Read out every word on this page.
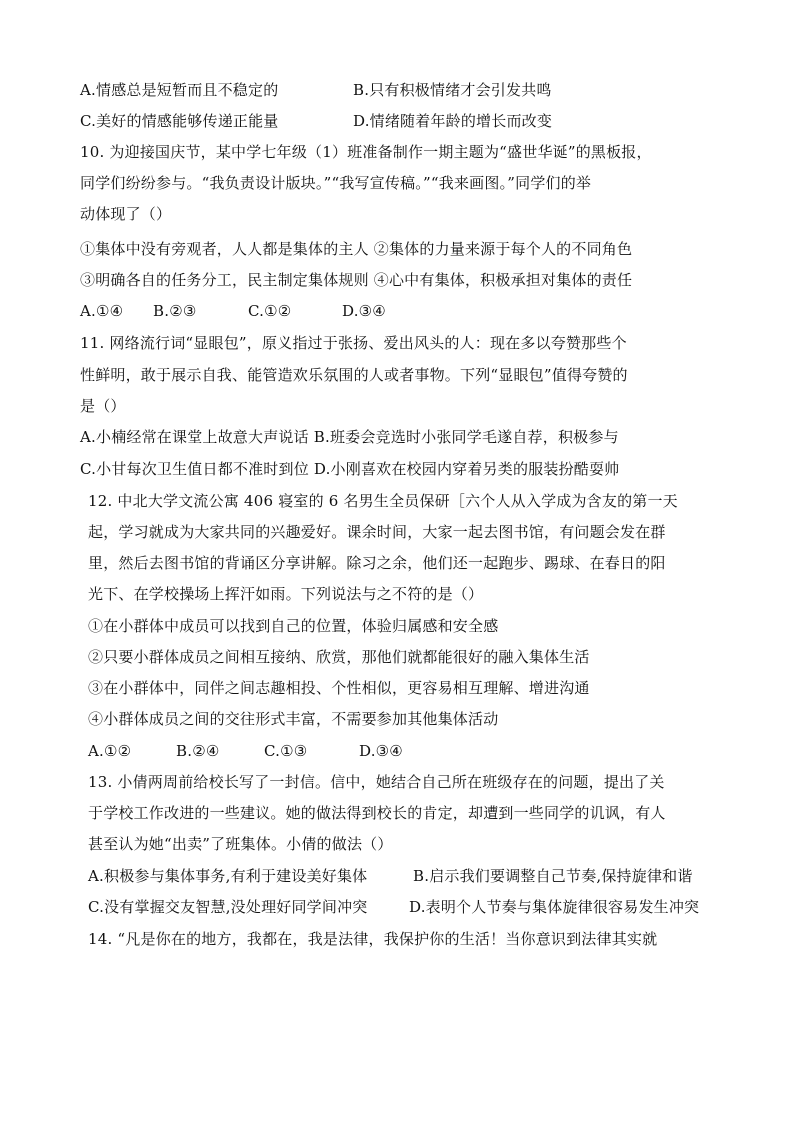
A.情感总是短暂而且不稳定的	B.只有积极情绪才会引发共鸣
C.美好的情感能够传递正能量	D.情绪随着年龄的增长而改变
10. 为迎接国庆节，某中学七年级（1）班准备制作一期主题为“盛世华诞”的黑板报，
同学们纷纷参与。“我负责设计版块。”“我写宣传稿。”“我来画图。”同学们的举
动体现了（）
①集体中没有旁观者，人人都是集体的主人 ②集体的力量来源于每个人的不同角色
③明确各自的任务分工，民主制定集体规则 ④心中有集体，积极承担对集体的责任
A.①④ B.②③	C.①②	D.③④
11. 网络流行词“显眼包”，原义指过于张扬、爱出风头的人：现在多以夸赞那些个
性鲜明，敢于展示自我、能管造欢乐氛围的人或者事物。下列“显眼包”值得夸赞的
是（）
A.小楠经常在课堂上故意大声说话 B.班委会竞选时小张同学毛遂自荐，积极参与
C.小甘每次卫生值日都不准时到位 D.小刚喜欢在校园内穿着另类的服装扮酷耍帅
12. 中北大学文流公寓 406 寝室的 6 名男生全员保研［六个人从入学成为含友的第一天
起，学习就成为大家共同的兴趣爱好。课余时间，大家一起去图书馆，有问题会发在群
里，然后去图书馆的背诵区分享讲解。除习之余，他们还一起跑步、踢球、在春日的阳
光下、在学校操场上挥汗如雨。下列说法与之不符的是（）
①在小群体中成员可以找到自己的位置，体验归属感和安全感
②只要小群体成员之间相互接纳、欣赏，那他们就都能很好的融入集体生活
③在小群体中，同伴之间志趣相投、个性相似，更容易相互理解、增进沟通
④小群体成员之间的交往形式丰富，不需要参加其他集体活动
A.①②	B.②④	C.①③	D.③④
13. 小倩两周前给校长写了一封信。信中，她结合自己所在班级存在的问题，提出了关
于学校工作改进的一些建议。她的做法得到校长的肯定，却遭到一些同学的讥讽，有人
甚至认为她“出卖”了班集体。小倩的做法（）
A.积极参与集体事务,有利于建设美好集体	B.启示我们要调整自己节奏,保持旋律和谐
C.没有掌握交友智慧,没处理好同学间冲突	D.表明个人节奏与集体旋律很容易发生冲突
14. “凡是你在的地方，我都在，我是法律，我保护你的生活！当你意识到法律其实就
